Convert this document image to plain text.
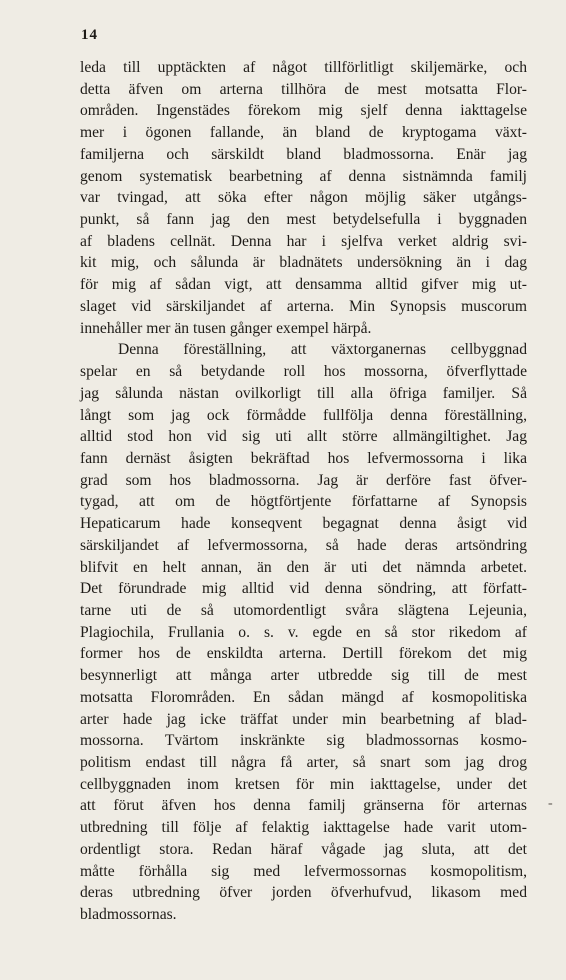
14
leda till upptäckten af något tillförlitligt skiljemärke, och
detta äfven om arterna tillhöra de mest motsatta Flor-
områden. Ingenstädes förekom mig sjelf denna iakttagelse
mer i ögonen fallande, än bland de kryptogama växt-
familjerna och särskildt bland bladmossorna. Enär jag
genom systematisk bearbetning af denna sistnämnda familj
var tvingad, att söka efter någon möjlig säker utgångs-
punkt, så fann jag den mest betydelsefulla i byggnaden
af bladens cellnät. Denna har i sjelfva verket aldrig svi-
kit mig, och sålunda är bladnätets undersökning än i dag
för mig af sådan vigt, att densamma alltid gifver mig ut-
slaget vid särskiljandet af arterna. Min Synopsis muscorum
innehåller mer än tusen gånger exempel härpå.
Denna föreställning, att växtorganernas cellbyggnad
spelar en så betydande roll hos mossorna, öfverflyttade
jag sålunda nästan ovilkorligt till alla öfriga familjer. Så
långt som jag ock förmådde fullfölja denna föreställning,
alltid stod hon vid sig uti allt större allmängiltighet. Jag
fann dernäst åsigten bekräftad hos lefvermossorna i lika
grad som hos bladmossorna. Jag är derföre fast öfver-
tygad, att om de högtförtjente författarne af Synopsis
Hepaticarum hade konseqvent begagnat denna åsigt vid
särskiljandet af lefvermossorna, så hade deras artsöndring
blifvit en helt annan, än den är uti det nämnda arbetet.
Det förundrade mig alltid vid denna söndring, att författ-
tarne uti de så utomordentligt svåra slägtena Lejeunia,
Plagiochila, Frullania o. s. v. egde en så stor rikedom af
former hos de enskildta arterna. Dertill förekom det mig
besynnerligt att många arter utbredde sig till de mest
motsatta Florområden. En sådan mängd af kosmopolitiska
arter hade jag icke träffat under min bearbetning af blad-
mossorna. Tvärtom inskränkte sig bladmossornas kosmo-
politism endast till några få arter, så snart som jag drog
cellbyggnaden inom kretsen för min iakttagelse, under det
att förut äfven hos denna familj gränserna för arternas
utbredning till följe af felaktig iakttagelse hade varit utom-
ordentligt stora. Redan häraf vågade jag sluta, att det
måtte förhålla sig med lefvermossornas kosmopolitism,
deras utbredning öfver jorden öfverhufvud, likasom med
bladmossornas.
-
